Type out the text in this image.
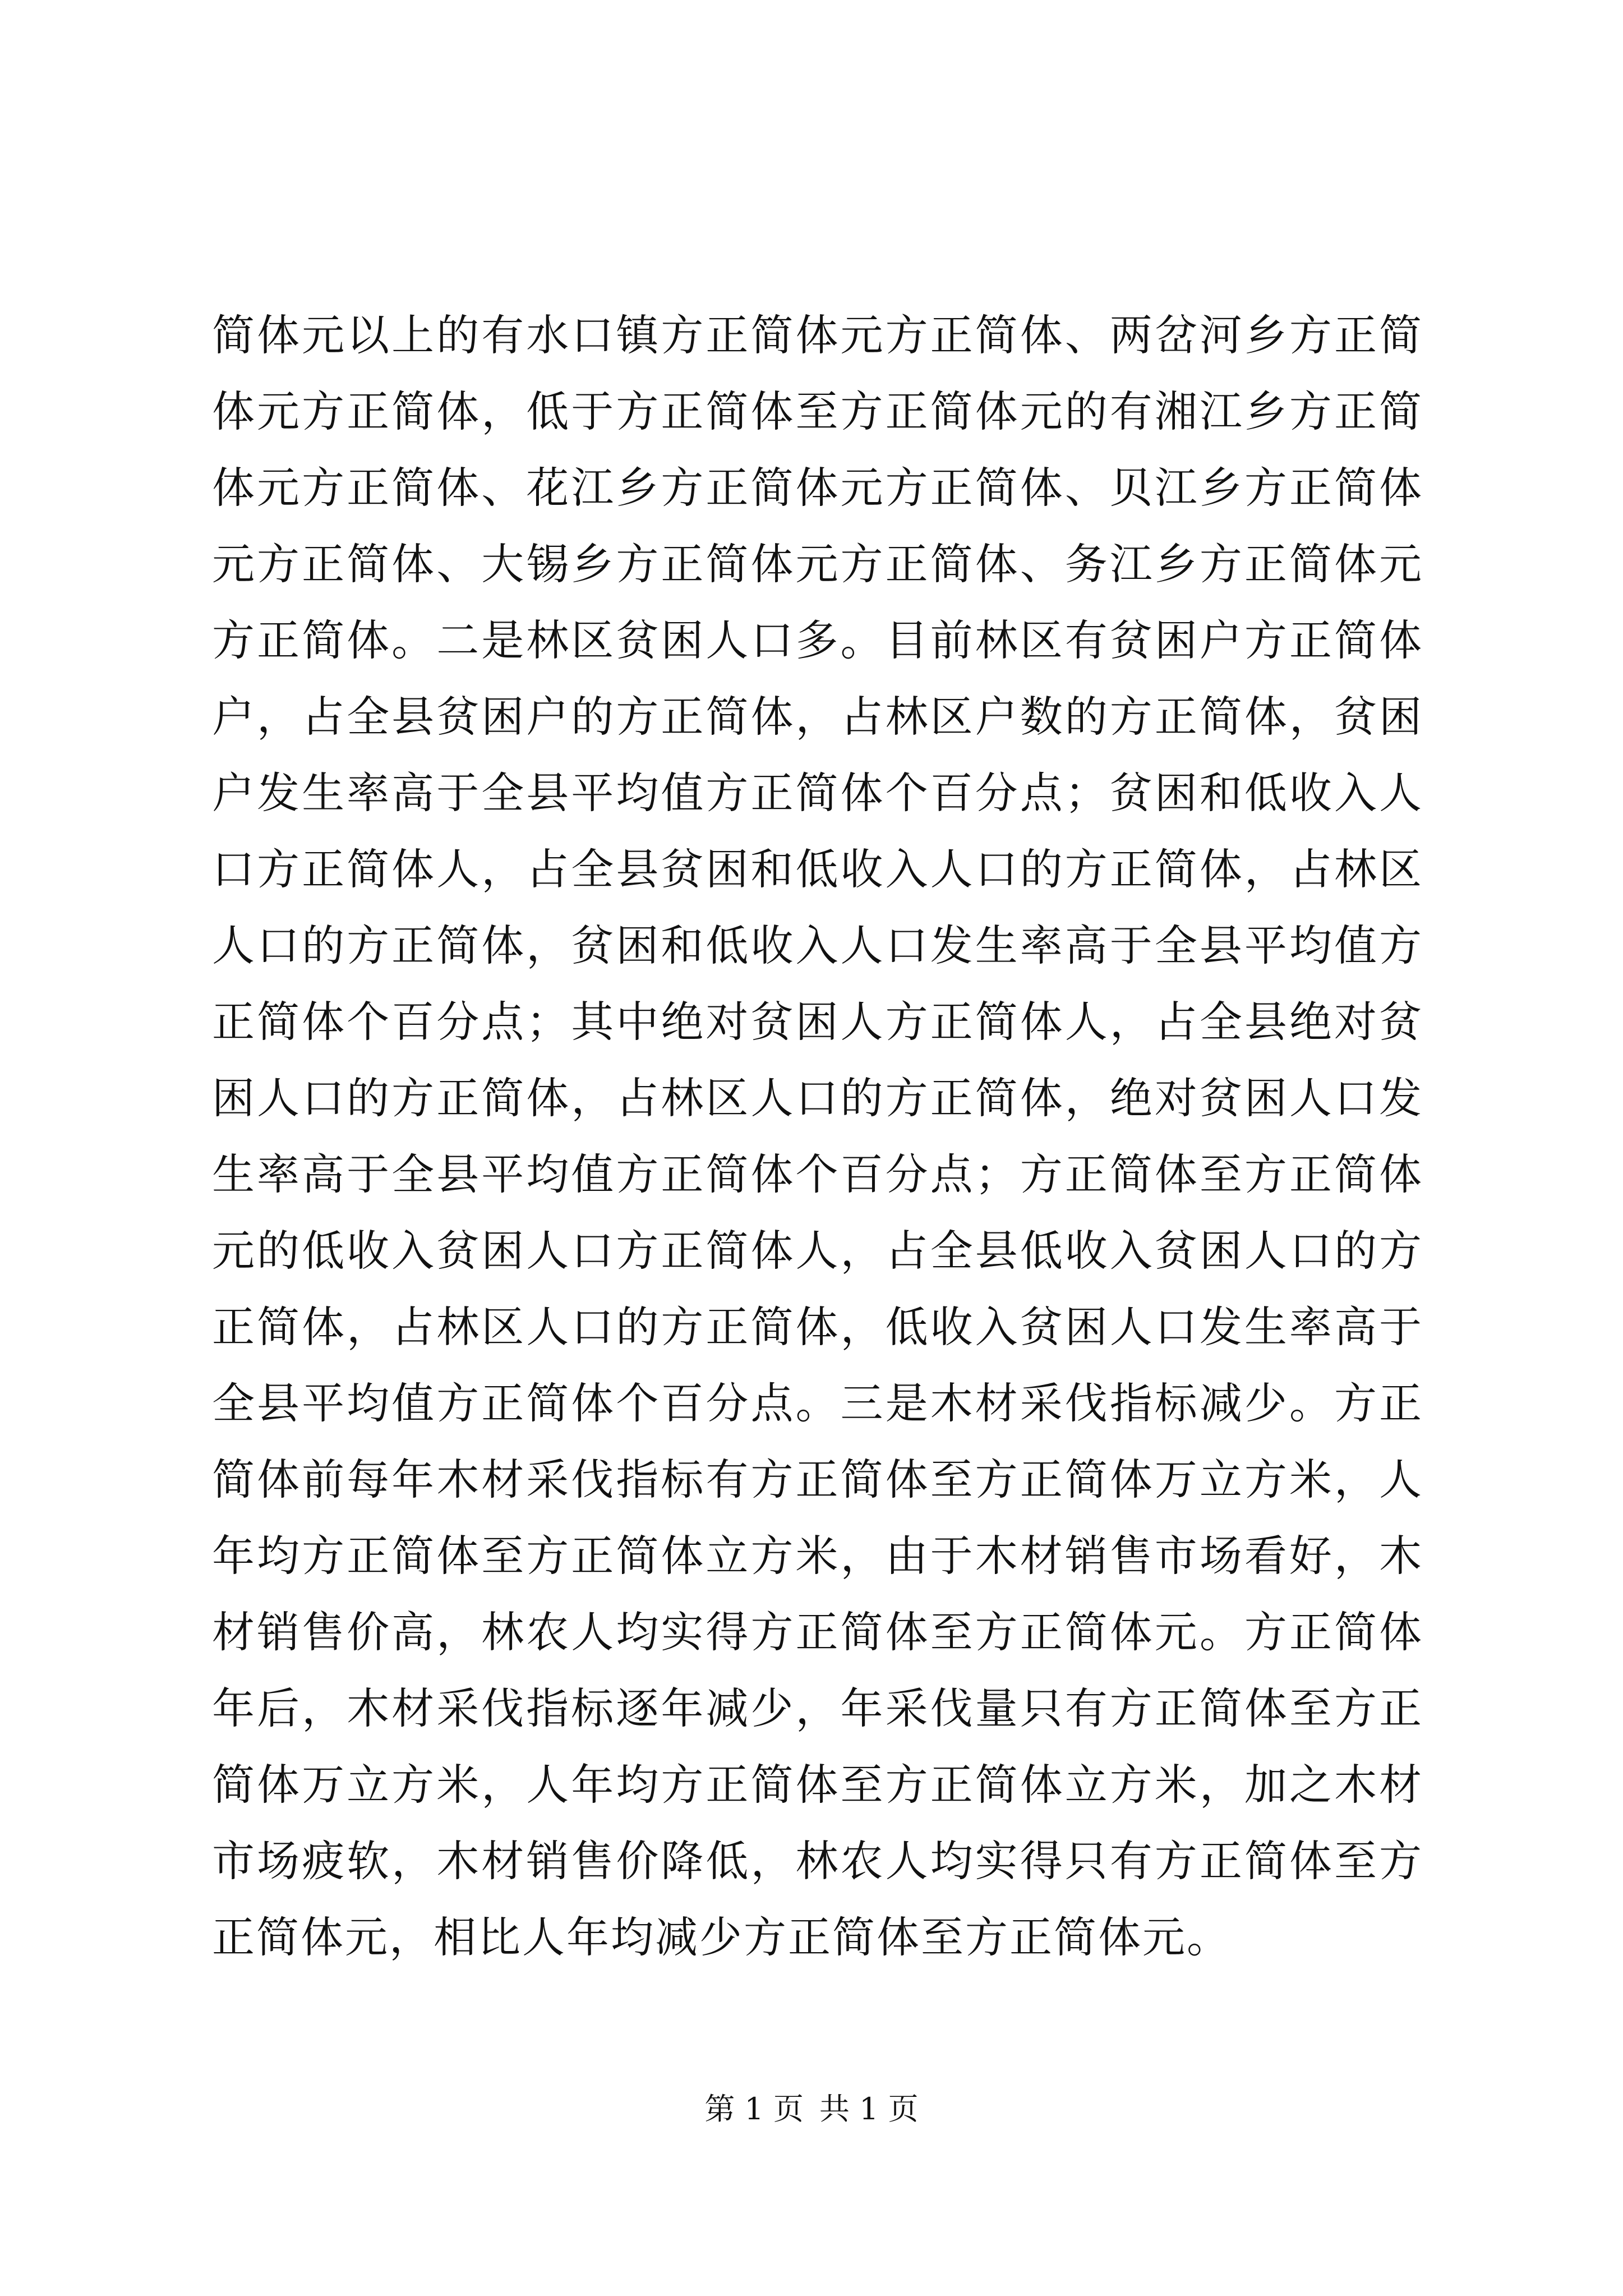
简体元以上的有水口镇方正简体元方正简体、两岔河乡方正简体元方正简体，低于方正简体至方正简体元的有湘江乡方正简体元方正简体、花江乡方正简体元方正简体、贝江乡方正简体元方正简体、大锡乡方正简体元方正简体、务江乡方正简体元方正简体。二是林区贫困人口多。目前林区有贫困户方正简体户，占全县贫困户的方正简体，占林区户数的方正简体，贫困户发生率高于全县平均值方正简体个百分点；贫困和低收入人口方正简体人，占全县贫困和低收入人口的方正简体，占林区人口的方正简体，贫困和低收入人口发生率高于全县平均值方正简体个百分点；其中绝对贫困人方正简体人，占全县绝对贫困人口的方正简体，占林区人口的方正简体，绝对贫困人口发生率高于全县平均值方正简体个百分点；方正简体至方正简体元的低收入贫困人口方正简体人，占全县低收入贫困人口的方正简体，占林区人口的方正简体，低收入贫困人口发生率高于全县平均值方正简体个百分点。三是木材采伐指标减少。方正简体前每年木材采伐指标有方正简体至方正简体万立方米，人年均方正简体至方正简体立方米，由于木材销售市场看好，木材销售价高，林农人均实得方正简体至方正简体元。方正简体年后，木材采伐指标逐年减少，年采伐量只有方正简体至方正简体万立方米，人年均方正简体至方正简体立方米，加之木材市场疲软，木材销售价降低，林农人均实得只有方正简体至方正简体元，相比人年均减少方正简体至方正简体元。

第 1 页 共 1 页
